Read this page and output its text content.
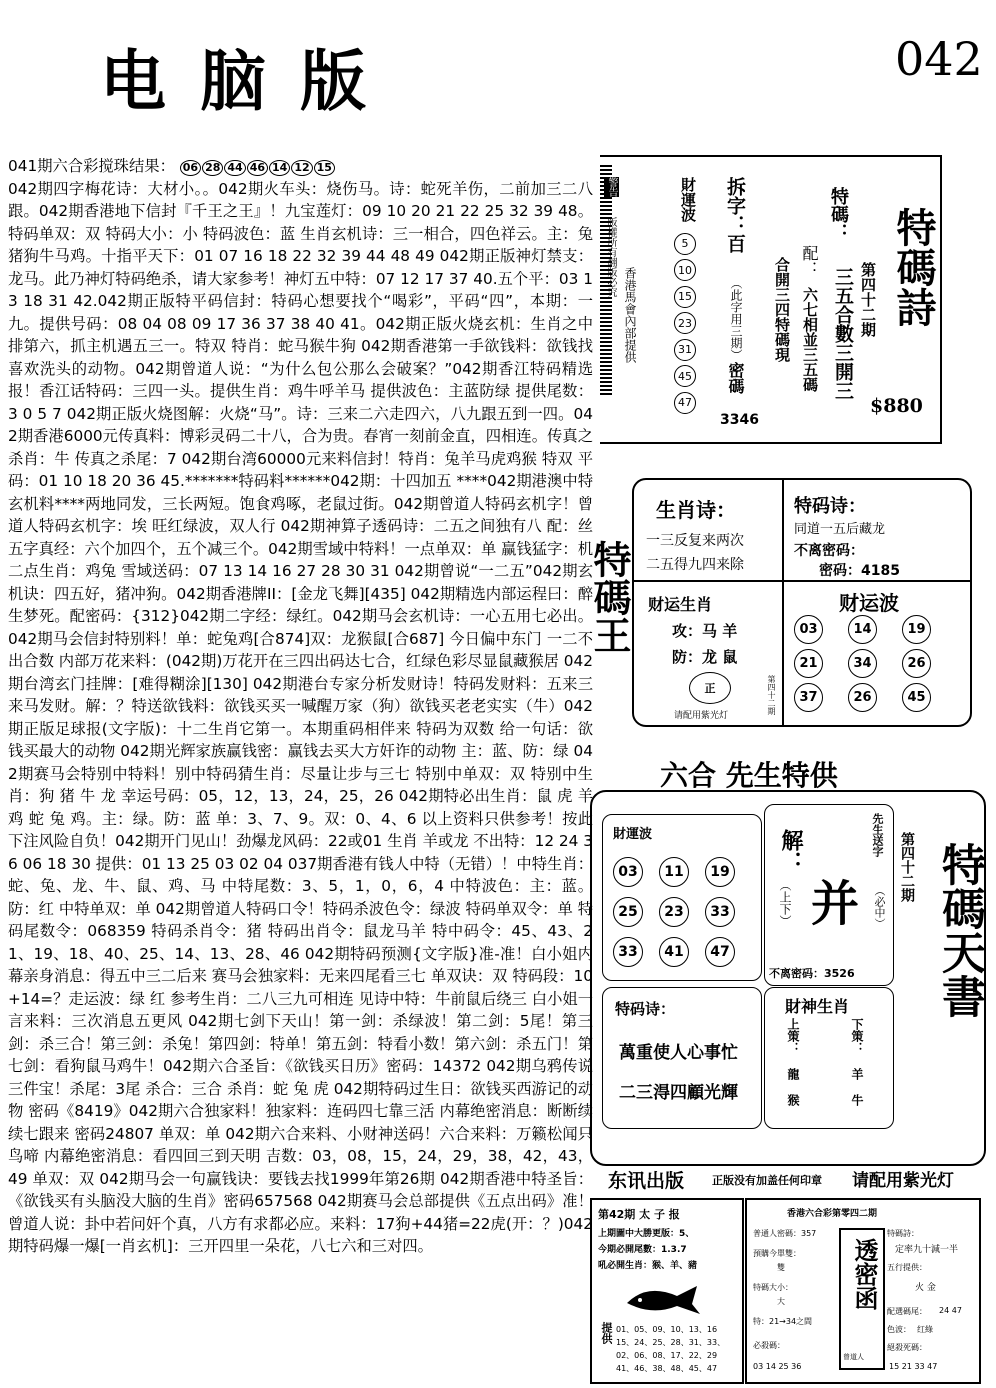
电脑版	042
041期六合彩搅珠结果： 06 28 44 46 14 12 15
042期四字梅花诗：大材小。。042期火车头：烧伤马。诗：蛇死羊伤，二前加三二八跟。042期香港地下信封『千王之王』！九宝莲灯：09 10 20 21 22 25 32 39 48。特码单双：双 特码大小：小 特码波色：蓝 生肖玄机诗：三一相合，四色祥云。主：兔猪狗牛马鸡。十指平天下：01 07 16 18 22 32 39 44 48 49 042期正版神灯禁支：龙马。此乃神灯特码绝杀，请大家参考！神灯五中特：07 12 17 37 40.五个平：03 13 18 31 42.042期正版特平码信封：特码心想要找个“喝彩”，平码“四”，本期：一九。提供号码：08 04 08 09 17 36 37 38 40 41。042期正版火烧玄机：生肖之中排第六，抓主机遇五三一。特双 特肖：蛇马猴牛狗 042期香港第一手欲钱料：欲钱找喜欢洗头的动物。042期曾道人说：“为什么包公那么会破案？”042期香江特码精选报！香江话特码：三四一头。提供生肖：鸡牛呼羊马 提供波色：主蓝防绿 提供尾数：3 0 5 7 042期正版火烧图解：火烧“马”。诗：三来二六走四六，八九跟五到一四。042期香港6000元传真料：博彩灵码二十八，合为贵。春宵一刻前金直，四相连。传真之杀肖：牛 传真之杀尾：7 042期台湾60000元来料信封！特肖：兔羊马虎鸡猴 特双 平码：01 10 18 20 36 45.*******特码料******042期：十四加五 ****042期港澳中特玄机料****两地同发，三长两短。饱食鸡啄，老鼠过街。042期曾道人特码玄机字！曾道人特码玄机字：埃 旺红绿波，双人行 042期神算子透码诗：二五之间独有八 配：丝 五字真经：六个加四个，五个减三个。042期雪域中特料！一点单双：单 赢钱猛字：机 二点生肖：鸡兔 雪域送码：07 13 14 16 27 28 30 31 042期曾说“一二五”042期玄机诀：四五好，猪冲狗。042期香港牌II：[金龙飞舞][435] 042期精选内部运程曰：醉生梦死。配密码：{312}042期二字经：绿红。042期马会玄机诗：一心五用七必出。042期马会信封特别料！单：蛇兔鸡[合874]双：龙猴鼠[合687] 今日偏中东门 一二不出合数 内部万花来料：(042期)万花开在三四出码达七合，红绿色彩尽显鼠藏猴居 042期台湾玄门挂牌：[难得糊涂][130] 042期港台专家分析发财诗！特码发财料：五来三来马发财。解：？特送欲钱料：欲钱买买一喊醒万家（狗）欲钱买老老实实（牛）042期正版足球报(文字版)：十二生肖它第一。本期重码相伴来 特码为双数 给一句话：欲钱买最大的动物 042期光辉家族赢钱密：赢钱去买大方奸诈的动物 主：蓝、防：绿 042期赛马会特别中特料！别中特码猜生肖：尽量让步与三七 特别中单双：双 特别中生肖：狗 猪 牛 龙 幸运号码：05，12，13，24，25，26 042期特必出生肖：鼠 虎 羊 鸡 蛇 兔 鸡。主：绿。防：蓝 单：3、7、9。双：0、4、6 以上资料只供参考！按此下注风险自负！042期开门见山！劲爆龙风码：22或01 生肖 羊或龙 不出特：12 24 36 06 18 30 提供：01 13 25 03 02 04 037期香港有钱人中特（无错）！中特生肖：蛇、兔、龙、牛、鼠、鸡、马 中特尾数：3、5，1，0，6，4 中特波色：主：蓝。防：红 中特单双：单 042期曾道人特码口令！特码杀波色令：绿波 特码单双令：单 特码尾数令：068359 特码杀肖令：猪 特码出肖令：鼠龙马羊 特中码令：45、43、21、19、18、40、25、14、13、28、46 042期特码预测{文字版}准-准！白小姐内幕亲身消息：得五中三二后来 赛马会独家料：无来四尾看三七 单双诀：双 特码段：10+14=？走运波：绿 红 参考生肖：二八三九可相连 见诗中特：牛前鼠后绕三 白小姐一言来料：三次消息五更风 042期七剑下天山！第一剑：杀绿波！第二剑：5尾！第三剑：杀三合！第三剑：杀兔！第四剑：特单！第五剑：特看小数！第六剑：杀五门！第七剑：看狗鼠马鸡牛！042期六合圣旨：《欲钱买日历》密码：14372 042期乌鸦传说三件宝！杀尾：3尾 杀合：三合 杀肖：蛇 兔 虎 042期特码过生日：欲钱买西游记的动物 密码《8419》042期六合独家料！独家料：连码四七靠三活 内幕绝密消息：断断续续七跟来 密码24807 单双：单 042期六合来料、小财神送码！六合来料：万籁松闻只鸟啼 内幕绝密消息：看四回三到天明 吉数：03，08，15，24，29，38，42，43，49 单双：双 042期马会一句赢钱诀：要钱去找1999年第26期 042期香港中特圣旨：《欲钱买有头脑没大脑的生肖》密码657568 042期赛马会总部提供《五点出码》准！曾道人说：卦中若问奸个真，八方有求都必应。来料：17狗+44猪=22虎(开：？)042期特码爆一爆[一肖玄机]：三开四里一朵花，八七六和三对四。
特碼詩
第四十二期
$880
特碼：
三五合數三開三
配：
六七相並三五碼
合開三四特碼現
拆字：百
（此字用三期）
密碼
3346
財運波
5 10 15 23 31 45 47
香港馬會內部提供
警告
版權所有翻版必究
特碼王
生肖诗：
一三反复来两次
二五得九四来除
特码诗：
同道一五后藏龙
不离密码：
密码：4185
财运生肖
攻：马 羊
防：龙 鼠
正	第四十二期
请配用紫光灯
财运波
03	14	19
21	34	26
37	26	45
六合 先生特供
財運波
03	11	19
25	23	33
33	41	47
解：
（上下） 并
先生送字
（必中）
不离密码：3526
特码诗：
萬重使人心事忙
二三淂四顧光輝
財神生肖
上策：
龍 猴
下策：
羊 牛
特碼天書
第四十二期
东讯出版	正版没有加盖任何印章 请配用紫光灯
第42期 太 子 报
上期圖中大勝更版：5、
今期必開尾數：1.3.7
吼必開生肖：猴、羊、豬
提供 01、05、09、10、13、16
15、24、25、28、31、33、
02、06、08、17、22、29
41、46、38、48、45、47
香港六合彩第零四二期
普通人密碼：357
預購今單雙：
雙
特碼大小：
大
特：21→34之間
必殺碼：
03 14 25 36
透密函
曾道人
特碼詩：
定率九十減一半
五行提供：
火 金
配選碼尾： 24 47
色波： 红綠
絕殺死碼：
15 21 33 47
